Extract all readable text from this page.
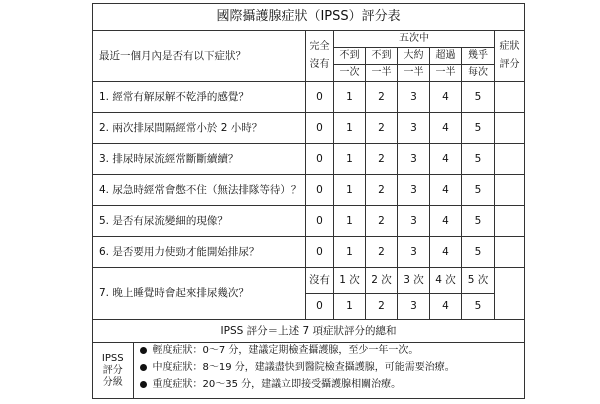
國際攝護腺症狀（IPSS）評分表
最近一個月內是否有以下症狀？	
完全
沒有
	五次中	
症狀
評分

不到	不到	大約	超過	幾乎
一次	一半	一半	一半	每次
1. 經常有解尿解不乾淨的感覺？	0	1	2	3	4	5	
2. 兩次排尿間隔經常小於 2 小時？	0	1	2	3	4	5	
3. 排尿時尿流經常斷斷續續？	0	1	2	3	4	5	
4. 尿急時經常會憋不住（無法排隊等待）？	0	1	2	3	4	5	
5. 是否有尿流變細的現像？	0	1	2	3	4	5	
6. 是否要用力使勁才能開始排尿？	0	1	2	3	4	5	
7. 晚上睡覺時會起來排尿幾次？	沒有	1 次	2 次	3 次	4 次	5 次	
0	1	2	3	4	5
IPSS 評分＝上述 7 項症狀評分的總和

IPSS
評分
分級

輕度症狀：0～7 分，建議定期檢查攝護腺，至少一年一次。
中度症狀：8～19 分，建議盡快到醫院檢查攝護腺，可能需要治療。
重度症狀：20～35 分，建議立即接受攝護腺相關治療。
